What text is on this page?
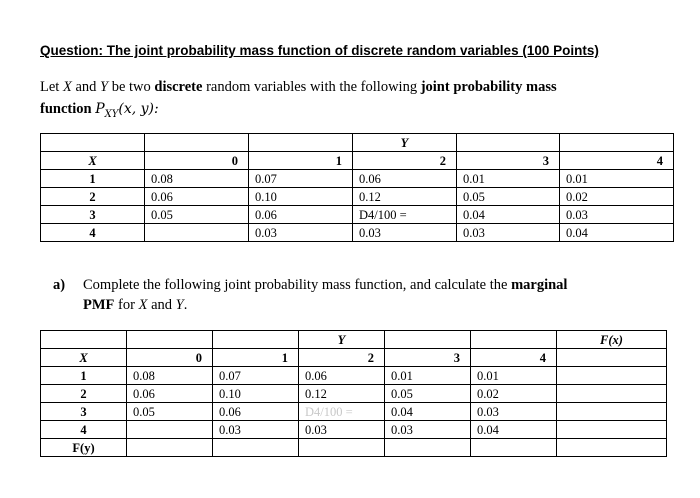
Question: The joint probability mass function of discrete random variables (100 Points)
Let X and Y be two discrete random variables with the following joint probability mass
function $P_{XY}(x$, y):
			Y		
X	0	1	2	3	4
1	0.08	0.07	0.06	0.01	0.01
2	0.06	0.10	0.12	0.05	0.02
3	0.05	0.06	D4/100 =	0.04	0.03
4		0.03	0.03	0.03	0.04
a) Complete the following joint probability mass function, and calculate the marginal
PMF for X and Y.
			Y			F(x)
X	0	1	2	3	4	
1	0.08	0.07	0.06	0.01	0.01	
2	0.06	0.10	0.12	0.05	0.02	
3	0.05	0.06	D4/100 =	0.04	0.03	
4		0.03	0.03	0.03	0.04	
F(y)						
